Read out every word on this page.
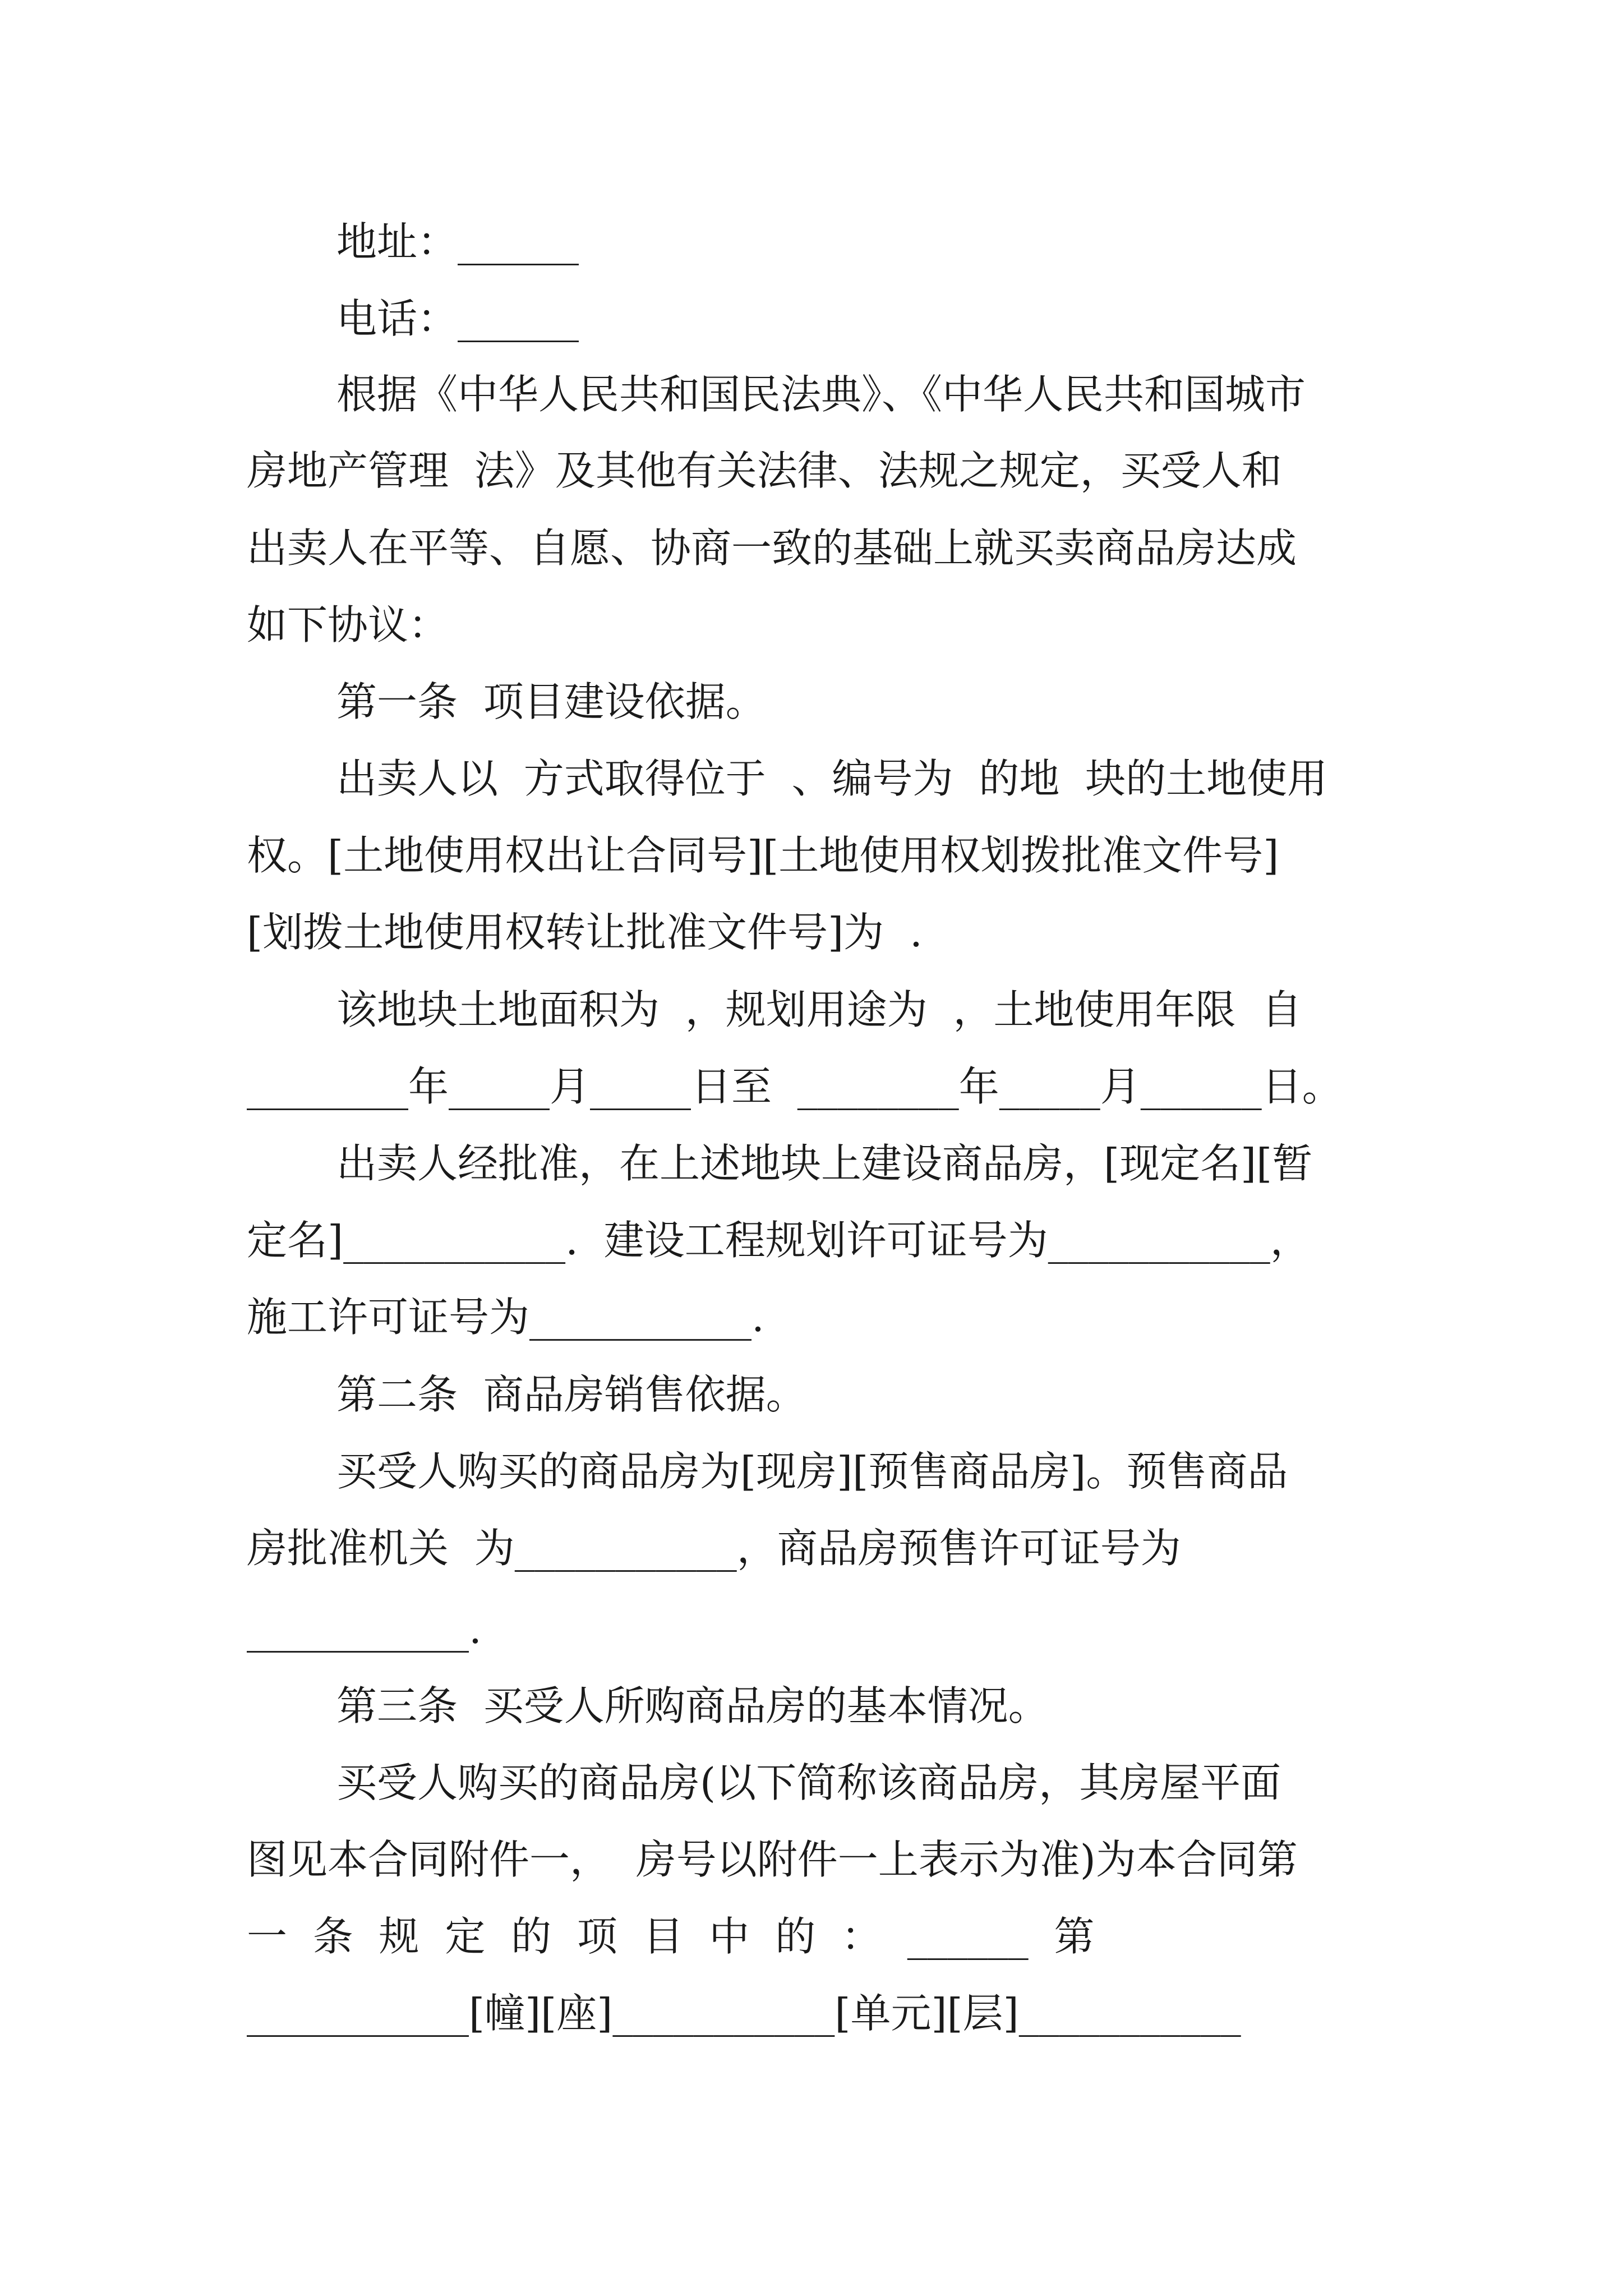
地址：______
电话：______
根据《中华人民共和国民法典》、《中华人民共和国城市
房地产管理  法》及其他有关法律、法规之规定，买受人和
出卖人在平等、自愿、协商一致的基础上就买卖商品房达成
如下协议：
第一条  项目建设依据。
出卖人以  方式取得位于  、编号为  的地  块的土地使用
权。[土地使用权出让合同号][土地使用权划拨批准文件号]
[划拨土地使用权转让批准文件号]为  .
该地块土地面积为  ，规划用途为  ，土地使用年限  自
________年_____月_____日至  ________年_____月______日。
出卖人经批准，在上述地块上建设商品房，[现定名][暂
定名]___________.  建设工程规划许可证号为___________，
施工许可证号为___________.
第二条  商品房销售依据。
买受人购买的商品房为[现房][预售商品房]。预售商品
房批准机关  为___________，商品房预售许可证号为
___________.
第三条  买受人所购商品房的基本情况。
买受人购买的商品房(以下简称该商品房，其房屋平面
图见本合同附件一，  房号以附件一上表示为准)为本合同第
一  条  规  定  的  项  目  中  的  ：  ______  第
___________[幢][座]___________[单元][层]___________
